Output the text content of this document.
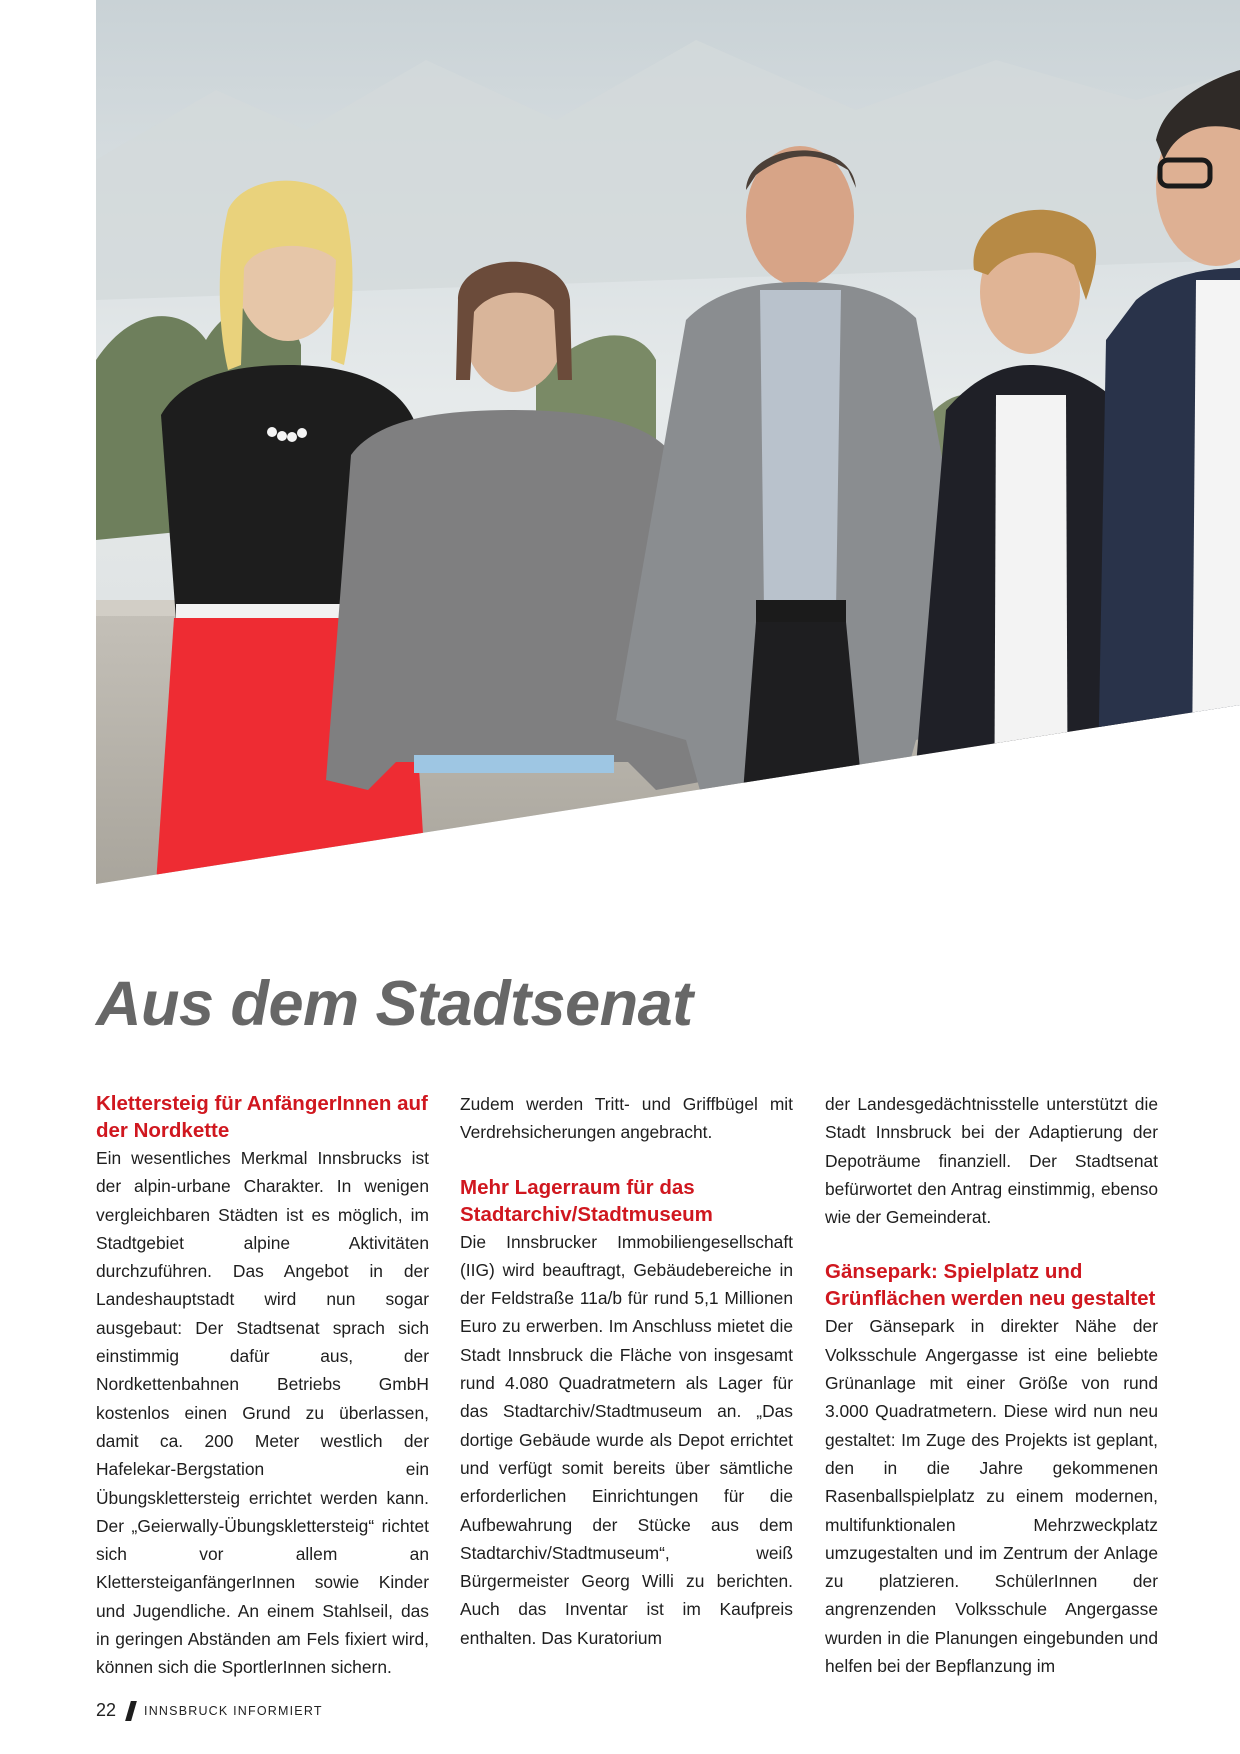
Aus dem Stadtsenat
Klettersteig für AnfängerInnen auf der Nordkette

Ein wesentliches Merkmal Innsbrucks ist der alpin-urbane Charakter. In wenigen vergleichbaren Städten ist es möglich, im Stadtgebiet alpine Aktivitäten durchzuführen. Das Angebot in der Landeshauptstadt wird nun sogar ausgebaut: Der Stadtsenat sprach sich einstimmig dafür aus, der Nordkettenbahnen Betriebs GmbH kostenlos einen Grund zu überlassen, damit ca. 200 Meter westlich der Hafelekar-Bergstation ein Übungsklettersteig errichtet werden kann. Der „Geierwally-Übungsklettersteig“ richtet sich vor allem an KlettersteiganfängerInnen sowie Kinder und Jugendliche. An einem Stahlseil, das in geringen Abständen am Fels fixiert wird, können sich die SportlerInnen sichern.

Zudem werden Tritt- und Griffbügel mit Verdrehsicherungen angebracht.

Mehr Lagerraum für das Stadtarchiv/Stadtmuseum

Die Innsbrucker Immobiliengesellschaft (IIG) wird beauftragt, Gebäudebereiche in der Feldstraße 11a/b für rund 5,1 Millionen Euro zu erwerben. Im Anschluss mietet die Stadt Innsbruck die Fläche von insgesamt rund 4.080 Quadratmetern als Lager für das Stadtarchiv/Stadtmuseum an. „Das dortige Gebäude wurde als Depot errichtet und verfügt somit bereits über sämtliche erforderlichen Einrichtungen für die Aufbewahrung der Stücke aus dem Stadtarchiv/Stadtmuseum“, weiß Bürgermeister Georg Willi zu berichten. Auch das Inventar ist im Kaufpreis enthalten. Das Kuratorium

der Landesgedächtnisstelle unterstützt die Stadt Innsbruck bei der Adaptierung der Depoträume finanziell. Der Stadtsenat befürwortet den Antrag einstimmig, ebenso wie der Gemeinderat.

Gänsepark: Spielplatz und Grünflächen werden neu gestaltet

Der Gänsepark in direkter Nähe der Volksschule Angergasse ist eine beliebte Grünanlage mit einer Größe von rund 3.000 Quadratmetern. Diese wird nun neu gestaltet: Im Zuge des Projekts ist geplant, den in die Jahre gekommenen Rasenballspielplatz zu einem modernen, multifunktionalen Mehrzweckplatz umzugestalten und im Zentrum der Anlage zu platzieren. SchülerInnen der angrenzenden Volksschule Angergasse wurden in die Planungen eingebunden und helfen bei der Bepflanzung im

22 INNSBRUCK INFORMIERT
